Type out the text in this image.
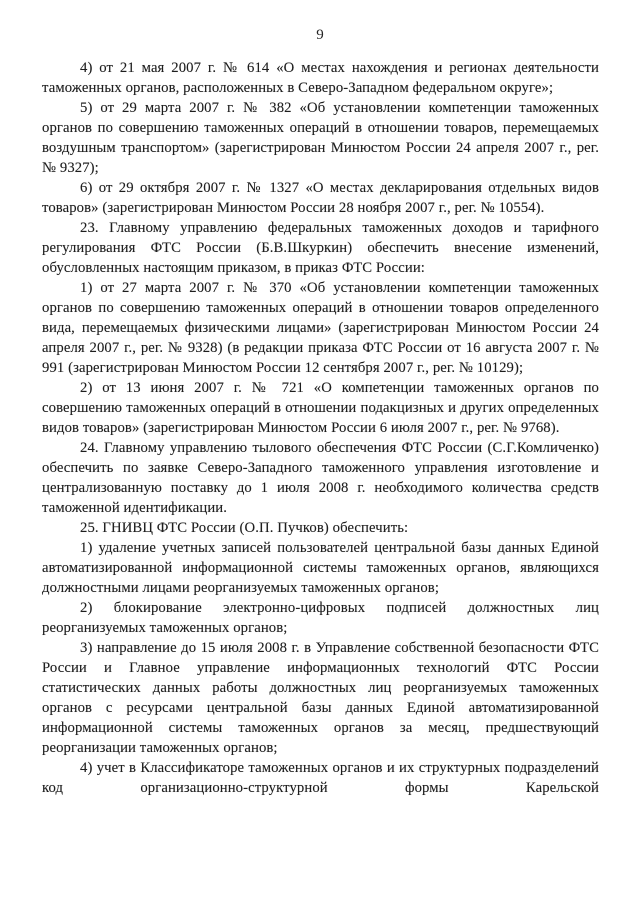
9

4) от 21 мая 2007 г. № 614 «О местах нахождения и регионах деятельности таможенных органов, расположенных в Северо-Западном федеральном округе»;

5) от 29 марта 2007 г. № 382 «Об установлении компетенции таможенных органов по совершению таможенных операций в отношении товаров, перемещаемых воздушным транспортом» (зарегистрирован Минюстом России 24 апреля 2007 г., рег. № 9327);

6) от 29 октября 2007 г. № 1327 «О местах декларирования отдельных видов товаров» (зарегистрирован Минюстом России 28 ноября 2007 г., рег. № 10554).

23. Главному управлению федеральных таможенных доходов и тарифного регулирования ФТС России (Б.В.Шкуркин) обеспечить внесение изменений, обусловленных настоящим приказом, в приказ ФТС России:

1) от 27 марта 2007 г. № 370 «Об установлении компетенции таможенных органов по совершению таможенных операций в отношении товаров определенного вида, перемещаемых физическими лицами» (зарегистрирован Минюстом России 24 апреля 2007 г., рег. № 9328) (в редакции приказа ФТС России от 16 августа 2007 г. № 991 (зарегистрирован Минюстом России 12 сентября 2007 г., рег. № 10129);

2) от 13 июня 2007 г. № 721 «О компетенции таможенных органов по совершению таможенных операций в отношении подакцизных и других определенных видов товаров» (зарегистрирован Минюстом России 6 июля 2007 г., рег. № 9768).

24. Главному управлению тылового обеспечения ФТС России (С.Г.Комличенко) обеспечить по заявке Северо-Западного таможенного управления изготовление и централизованную поставку до 1 июля 2008 г. необходимого количества средств таможенной идентификации.

25. ГНИВЦ ФТС России (О.П. Пучков) обеспечить:

1) удаление учетных записей пользователей центральной базы данных Единой автоматизированной информационной системы таможенных органов, являющихся должностными лицами реорганизуемых таможенных органов;

2) блокирование электронно-цифровых подписей должностных лиц реорганизуемых таможенных органов;

3) направление до 15 июля 2008 г. в Управление собственной безопасности ФТС России и Главное управление информационных технологий ФТС России статистических данных работы должностных лиц реорганизуемых таможенных органов с ресурсами центральной базы данных Единой автоматизированной информационной системы таможенных органов за месяц, предшествующий реорганизации таможенных органов;

4) учет в Классификаторе таможенных органов и их структурных подразделений код организационно-структурной формы Карельской
